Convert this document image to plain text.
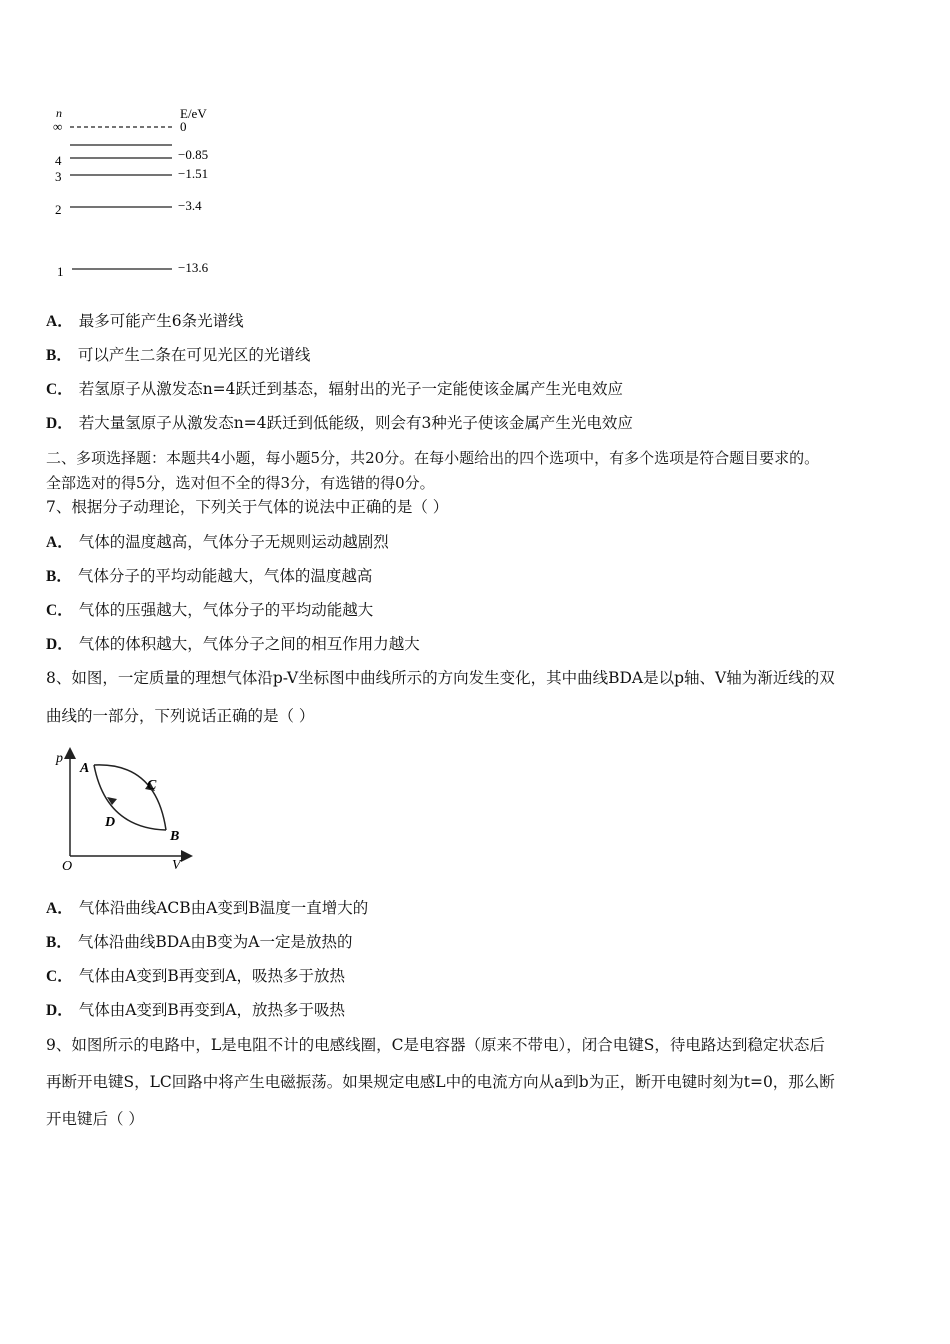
n	E/eV
∞	0
4	−0.85
3	−1.51
2	−3.4
1	−13.6
A． 最多可能产生6条光谱线
B． 可以产生二条在可见光区的光谱线
C． 若氢原子从激发态n=4跃迁到基态，辐射出的光子一定能使该金属产生光电效应
D． 若大量氢原子从激发态n=4跃迁到低能级，则会有3种光子使该金属产生光电效应
二、多项选择题：本题共4小题，每小题5分，共20分。在每小题给出的四个选项中，有多个选项是符合题目要求的。
全部选对的得5分，选对但不全的得3分，有选错的得0分。
7、根据分子动理论，下列关于气体的说法中正确的是（ ）
A． 气体的温度越高，气体分子无规则运动越剧烈
B． 气体分子的平均动能越大，气体的温度越高
C． 气体的压强越大，气体分子的平均动能越大
D． 气体的体积越大，气体分子之间的相互作用力越大
8、如图，一定质量的理想气体沿p-V坐标图中曲线所示的方向发生变化，其中曲线BDA是以p轴、V轴为渐近线的双
曲线的一部分，下列说话正确的是（ ）
p
V
O
A
B
C
D
A． 气体沿曲线ACB由A变到B温度一直增大的
B． 气体沿曲线BDA由B变为A一定是放热的
C． 气体由A变到B再变到A，吸热多于放热
D． 气体由A变到B再变到A，放热多于吸热
9、如图所示的电路中，L是电阻不计的电感线圈，C是电容器（原来不带电），闭合电键S，待电路达到稳定状态后
再断开电键S，LC回路中将产生电磁振荡。如果规定电感L中的电流方向从a到b为正，断开电键时刻为t=0，那么断
开电键后（ ）
